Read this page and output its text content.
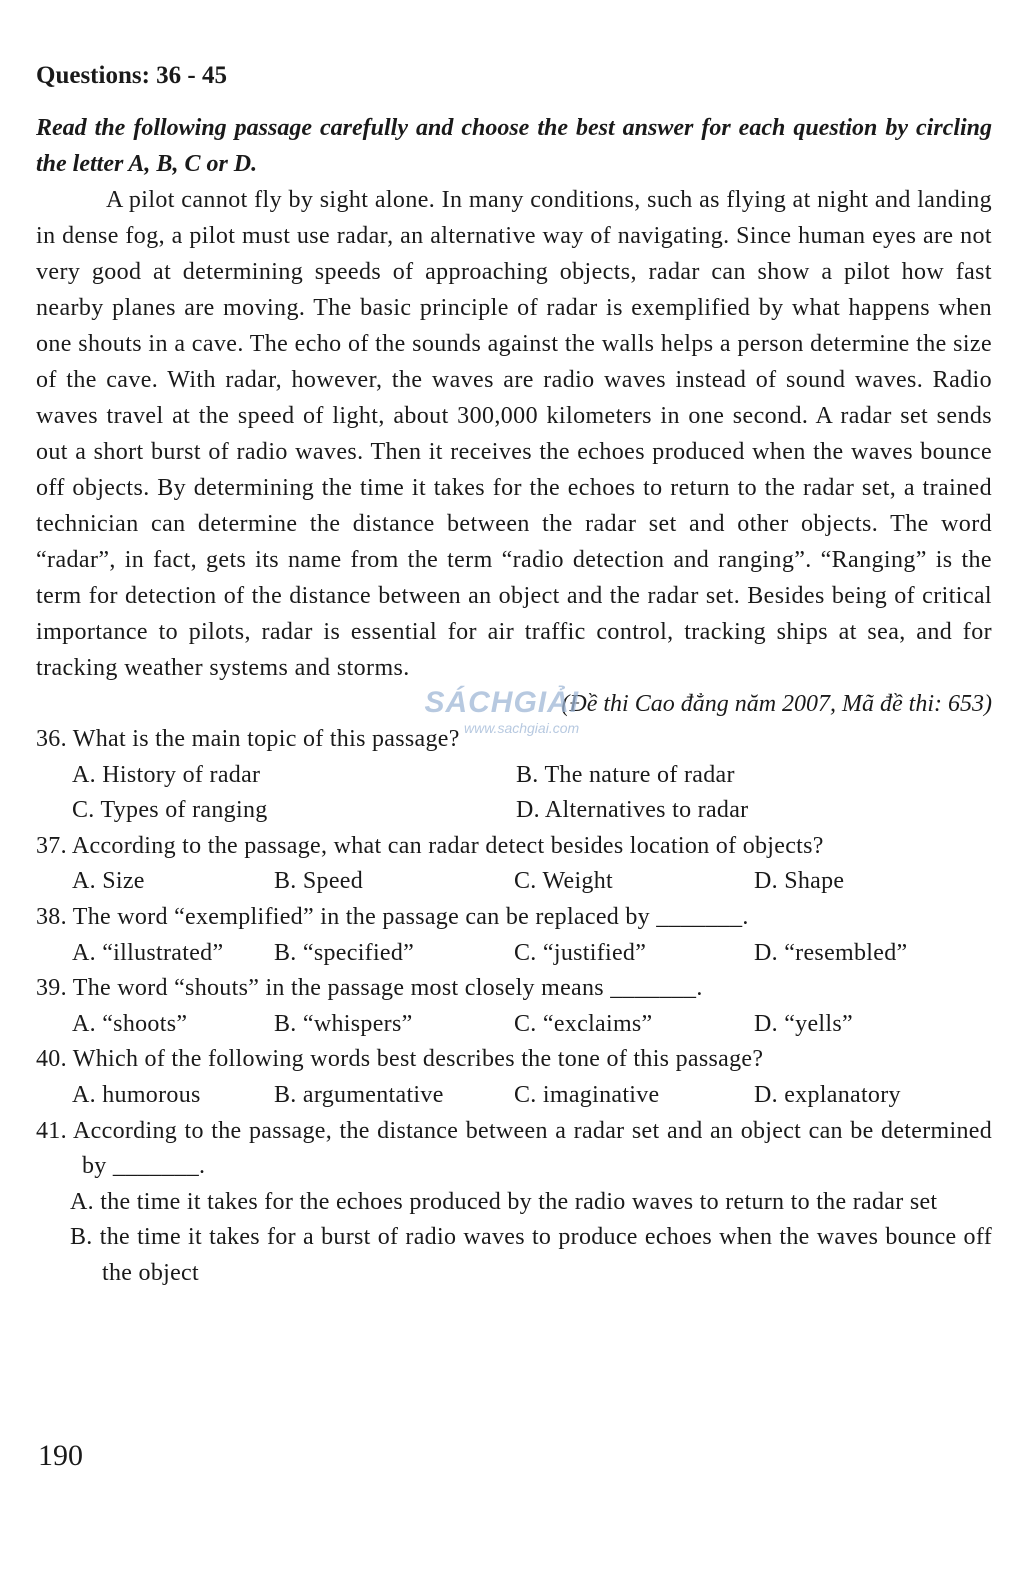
Questions: 36 - 45

Read the following passage carefully and choose the best answer for each question by circling the letter A, B, C or D.

A pilot cannot fly by sight alone. In many conditions, such as flying at night and landing in dense fog, a pilot must use radar, an alternative way of navigating. Since human eyes are not very good at determining speeds of approaching objects, radar can show a pilot how fast nearby planes are moving. The basic principle of radar is exemplified by what happens when one shouts in a cave. The echo of the sounds against the walls helps a person determine the size of the cave. With radar, however, the waves are radio waves instead of sound waves. Radio waves travel at the speed of light, about 300,000 kilometers in one second. A radar set sends out a short burst of radio waves. Then it receives the echoes produced when the waves bounce off objects. By determining the time it takes for the echoes to return to the radar set, a trained technician can determine the distance between the radar set and other objects. The word “radar”, in fact, gets its name from the term “radio detection and ranging”. “Ranging” is the term for detection of the distance between an object and the radar set. Besides being of critical importance to pilots, radar is essential for air traffic control, tracking ships at sea, and for tracking weather systems and storms.

SÁCHGIẢI
www.sachgiai.com
(Đề thi Cao đẳng năm 2007, Mã đề thi: 653)
36. What is the main topic of this passage?
A. History of radar	B. The nature of radar
C. Types of ranging	D. Alternatives to radar
37. According to the passage, what can radar detect besides location of objects?
A. Size	B. Speed	C. Weight	D. Shape
38. The word “exemplified” in the passage can be replaced by _______.
A. “illustrated”	B. “specified”	C. “justified”	D. “resembled”
39. The word “shouts” in the passage most closely means _______.
A. “shoots”	B. “whispers”	C. “exclaims”	D. “yells”
40. Which of the following words best describes the tone of this passage?
A. humorous	B. argumentative	C. imaginative	D. explanatory
41. According to the passage, the distance between a radar set and an object can be determined by _______.
A. the time it takes for the echoes produced by the radio waves to return to the radar set
B. the time it takes for a burst of radio waves to produce echoes when the waves bounce off the object
190
